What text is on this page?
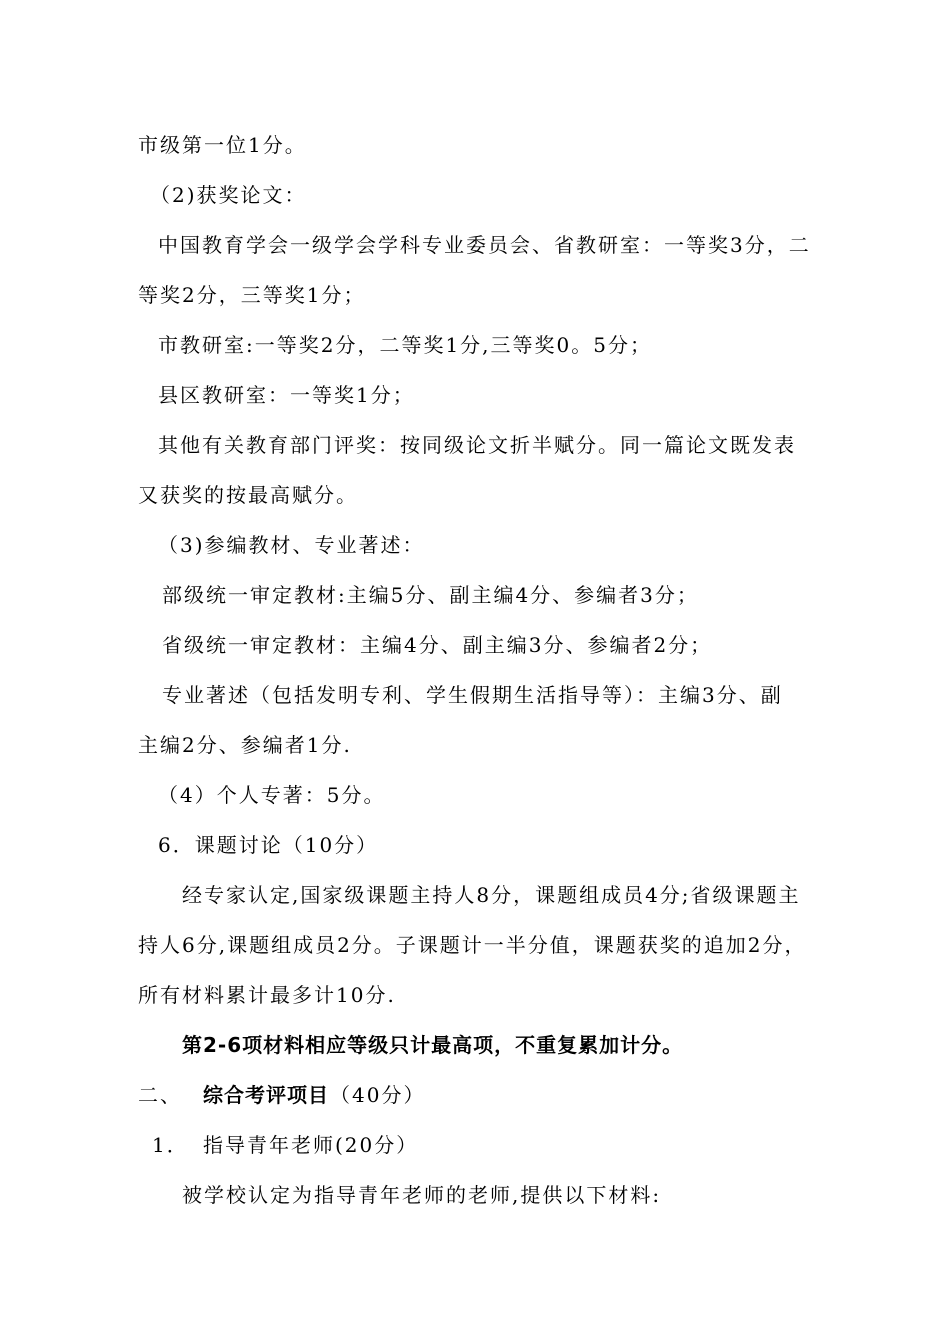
市级第一位1分。
（2)获奖论文：
中国教育学会一级学会学科专业委员会、省教研室：一等奖3分，二
等奖2分，三等奖1分；
市教研室:一等奖2分，二等奖1分,三等奖0。5分；
县区教研室：一等奖1分；
其他有关教育部门评奖：按同级论文折半赋分。同一篇论文既发表
又获奖的按最高赋分。
（3)参编教材、专业著述：
部级统一审定教材:主编5分、副主编4分、参编者3分；
省级统一审定教材：主编4分、副主编3分、参编者2分；
专业著述（包括发明专利、学生假期生活指导等）：主编3分、副
主编2分、参编者1分.
（4）个人专著：5分。
6．课题讨论（10分）
经专家认定,国家级课题主持人8分，课题组成员4分;省级课题主
持人6分,课题组成员2分。子课题计一半分值，课题获奖的追加2分，
所有材料累计最多计10分.
第2-6项材料相应等级只计最高项，不重复累加计分。
二、 综合考评项目 （40分）
1． 指导青年老师(20分）
被学校认定为指导青年老师的老师,提供以下材料:
